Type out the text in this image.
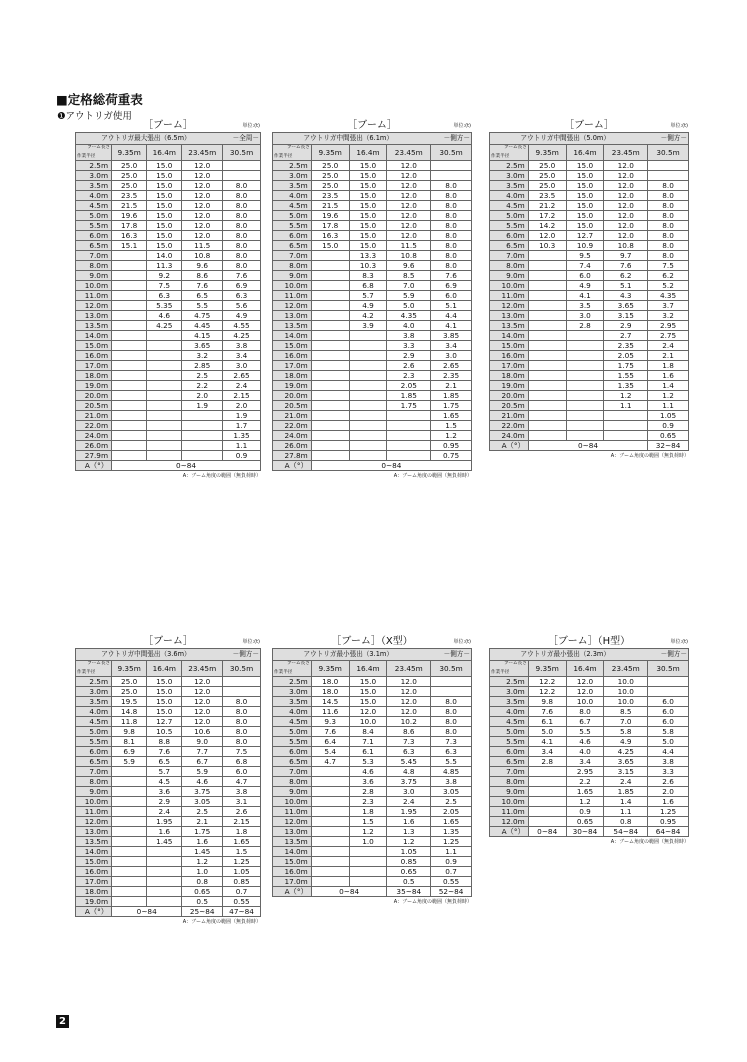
■定格総荷重表
❶アウトリガ使用
［ブーム］	単位:(t)
アウトリガ最大張出（6.5m） －全周－				

ブーム長さ
作業半径	9.35m	16.4m	23.45m	30.5m
2.5m	25.0	15.0	12.0	
3.0m	25.0	15.0	12.0	
3.5m	25.0	15.0	12.0	8.0
4.0m	23.5	15.0	12.0	8.0
4.5m	21.5	15.0	12.0	8.0
5.0m	19.6	15.0	12.0	8.0
5.5m	17.8	15.0	12.0	8.0
6.0m	16.3	15.0	12.0	8.0
6.5m	15.1	15.0	11.5	8.0
7.0m		14.0	10.8	8.0
8.0m		11.3	9.6	8.0
9.0m		9.2	8.6	7.6
10.0m		7.5	7.6	6.9
11.0m		6.3	6.5	6.3
12.0m		5.35	5.5	5.6
13.0m		4.6	4.75	4.9
13.5m		4.25	4.45	4.55
14.0m			4.15	4.25
15.0m			3.65	3.8
16.0m			3.2	3.4
17.0m			2.85	3.0
18.0m			2.5	2.65
19.0m			2.2	2.4
20.0m			2.0	2.15
20.5m			1.9	2.0
21.0m				1.9
22.0m				1.7
24.0m				1.35
26.0m				1.1
27.9m				0.9
A（°）	0~84			
A：ブーム角度の範囲（無負荷時）
［ブーム］	単位:(t)
アウトリガ中間張出（6.1m） －側方－				

ブーム長さ
作業半径	9.35m	16.4m	23.45m	30.5m
2.5m	25.0	15.0	12.0	
3.0m	25.0	15.0	12.0	
3.5m	25.0	15.0	12.0	8.0
4.0m	23.5	15.0	12.0	8.0
4.5m	21.5	15.0	12.0	8.0
5.0m	19.6	15.0	12.0	8.0
5.5m	17.8	15.0	12.0	8.0
6.0m	16.3	15.0	12.0	8.0
6.5m	15.0	15.0	11.5	8.0
7.0m		13.3	10.8	8.0
8.0m		10.3	9.6	8.0
9.0m		8.3	8.5	7.6
10.0m		6.8	7.0	6.9
11.0m		5.7	5.9	6.0
12.0m		4.9	5.0	5.1
13.0m		4.2	4.35	4.4
13.5m		3.9	4.0	4.1
14.0m			3.8	3.85
15.0m			3.3	3.4
16.0m			2.9	3.0
17.0m			2.6	2.65
18.0m			2.3	2.35
19.0m			2.05	2.1
20.0m			1.85	1.85
20.5m			1.75	1.75
21.0m				1.65
22.0m				1.5
24.0m				1.2
26.0m				0.95
27.8m				0.75
A（°）	0~84			
A：ブーム角度の範囲（無負荷時）
［ブーム］	単位:(t)
アウトリガ中間張出（5.0m） －側方－				

ブーム長さ
作業半径	9.35m	16.4m	23.45m	30.5m
2.5m	25.0	15.0	12.0	
3.0m	25.0	15.0	12.0	
3.5m	25.0	15.0	12.0	8.0
4.0m	23.5	15.0	12.0	8.0
4.5m	21.2	15.0	12.0	8.0
5.0m	17.2	15.0	12.0	8.0
5.5m	14.2	15.0	12.0	8.0
6.0m	12.0	12.7	12.0	8.0
6.5m	10.3	10.9	10.8	8.0
7.0m		9.5	9.7	8.0
8.0m		7.4	7.6	7.5
9.0m		6.0	6.2	6.2
10.0m		4.9	5.1	5.2
11.0m		4.1	4.3	4.35
12.0m		3.5	3.65	3.7
13.0m		3.0	3.15	3.2
13.5m		2.8	2.9	2.95
14.0m			2.7	2.75
15.0m			2.35	2.4
16.0m			2.05	2.1
17.0m			1.75	1.8
18.0m			1.55	1.6
19.0m			1.35	1.4
20.0m			1.2	1.2
20.5m			1.1	1.1
21.0m				1.05
22.0m				0.9
24.0m				0.65
A（°）	0~84			32~84
A：ブーム角度の範囲（無負荷時）
［ブーム］	単位:(t)
アウトリガ中間張出（3.6m） －側方－				

ブーム長さ
作業半径	9.35m	16.4m	23.45m	30.5m
2.5m	25.0	15.0	12.0	
3.0m	25.0	15.0	12.0	
3.5m	19.5	15.0	12.0	8.0
4.0m	14.8	15.0	12.0	8.0
4.5m	11.8	12.7	12.0	8.0
5.0m	9.8	10.5	10.6	8.0
5.5m	8.1	8.8	9.0	8.0
6.0m	6.9	7.6	7.7	7.5
6.5m	5.9	6.5	6.7	6.8
7.0m		5.7	5.9	6.0
8.0m		4.5	4.6	4.7
9.0m		3.6	3.75	3.8
10.0m		2.9	3.05	3.1
11.0m		2.4	2.5	2.6
12.0m		1.95	2.1	2.15
13.0m		1.6	1.75	1.8
13.5m		1.45	1.6	1.65
14.0m			1.45	1.5
15.0m			1.2	1.25
16.0m			1.0	1.05
17.0m			0.8	0.85
18.0m			0.65	0.7
19.0m			0.5	0.55
A（°）	0~84		25~84	47~84
A：ブーム角度の範囲（無負荷時）
［ブーム］（X型）	単位:(t)
アウトリガ最小張出（3.1m） －側方－				

ブーム長さ
作業半径	9.35m	16.4m	23.45m	30.5m
2.5m	18.0	15.0	12.0	
3.0m	18.0	15.0	12.0	
3.5m	14.5	15.0	12.0	8.0
4.0m	11.6	12.0	12.0	8.0
4.5m	9.3	10.0	10.2	8.0
5.0m	7.6	8.4	8.6	8.0
5.5m	6.4	7.1	7.3	7.3
6.0m	5.4	6.1	6.3	6.3
6.5m	4.7	5.3	5.45	5.5
7.0m		4.6	4.8	4.85
8.0m		3.6	3.75	3.8
9.0m		2.8	3.0	3.05
10.0m		2.3	2.4	2.5
11.0m		1.8	1.95	2.05
12.0m		1.5	1.6	1.65
13.0m		1.2	1.3	1.35
13.5m		1.0	1.2	1.25
14.0m			1.05	1.1
15.0m			0.85	0.9
16.0m			0.65	0.7
17.0m			0.5	0.55
A（°）	0~84		35~84	52~84
A：ブーム角度の範囲（無負荷時）
［ブーム］（H型）	単位:(t)
アウトリガ最小張出（2.3m） －側方－				

ブーム長さ
作業半径	9.35m	16.4m	23.45m	30.5m
2.5m	12.2	12.0	10.0	
3.0m	12.2	12.0	10.0	
3.5m	9.8	10.0	10.0	6.0
4.0m	7.6	8.0	8.5	6.0
4.5m	6.1	6.7	7.0	6.0
5.0m	5.0	5.5	5.8	5.8
5.5m	4.1	4.6	4.9	5.0
6.0m	3.4	4.0	4.25	4.4
6.5m	2.8	3.4	3.65	3.8
7.0m		2.95	3.15	3.3
8.0m		2.2	2.4	2.6
9.0m		1.65	1.85	2.0
10.0m		1.2	1.4	1.6
11.0m		0.9	1.1	1.25
12.0m		0.65	0.8	0.95
A（°）	0~84	30~84	54~84	64~84
A：ブーム角度の範囲（無負荷時）
2
